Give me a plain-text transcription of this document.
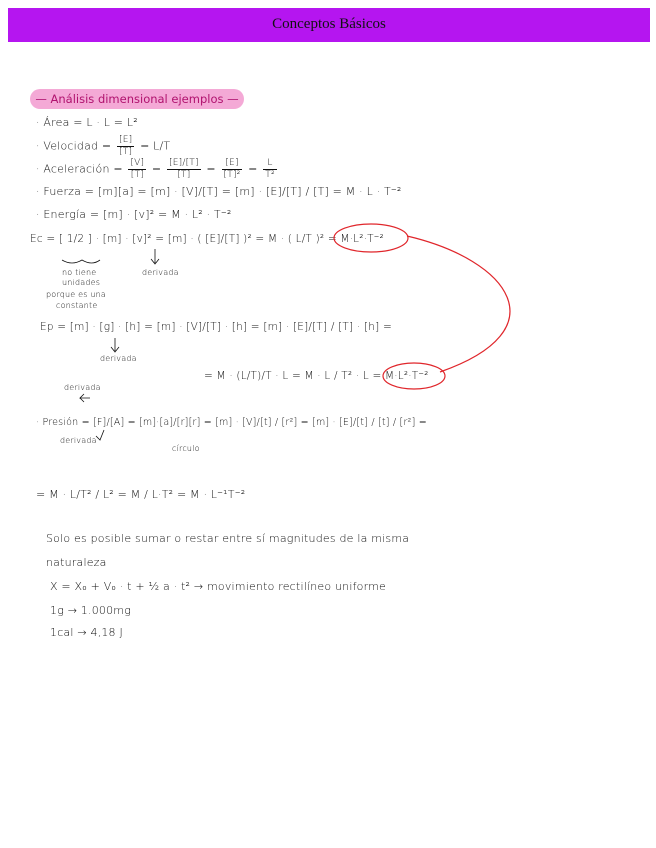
Conceptos Básicos
— Análisis dimensional ejemplos —
· Área = L · L = L²
· Velocidad = $\frac{[E]}{[T]} = L/T$
· Aceleración = $\frac{[V]}{[T]} = \frac{[E]/[T]}{[T]} = \frac{[E]}{\text{[T]²}} = \frac{L}{\text{T²}}$
· Fuerza = [m][a] = [m] · [V]/[T] = [m] · [E]/[T] / [T] = M · L · T⁻²
· Energía = [m] · [v]² = M · L² · T⁻²
Ec = [ 1/2 ] · [m] · [v]² = [m] · ( [E]/[T] )² = M · ( L/T )² = M·L²·T⁻²
no tiene
unidades
porque es una
constante
derivada
Ep = [m] · [g] · [h] = [m] · [V]/[T] · [h] = [m] · [E]/[T] / [T] · [h] =
derivada
= M · (L/T)/T · L = M · L / T² · L = M·L²·T⁻²
derivada
· Presión = [F]/[A] = [m]·[a]/[r][r] = [m] · [V]/[t] / [r²] = [m] · [E]/[t] / [t] / [r²] =
derivada
círculo
= M · L/T² / L² = M / L·T² = M · L⁻¹T⁻²
Solo es posible sumar o restar entre sí magnitudes de la misma
naturaleza
X = X₀ + V₀ · t + ½ a · t² → movimiento rectilíneo uniforme
1g → 1.000mg
1cal → 4,18 J
